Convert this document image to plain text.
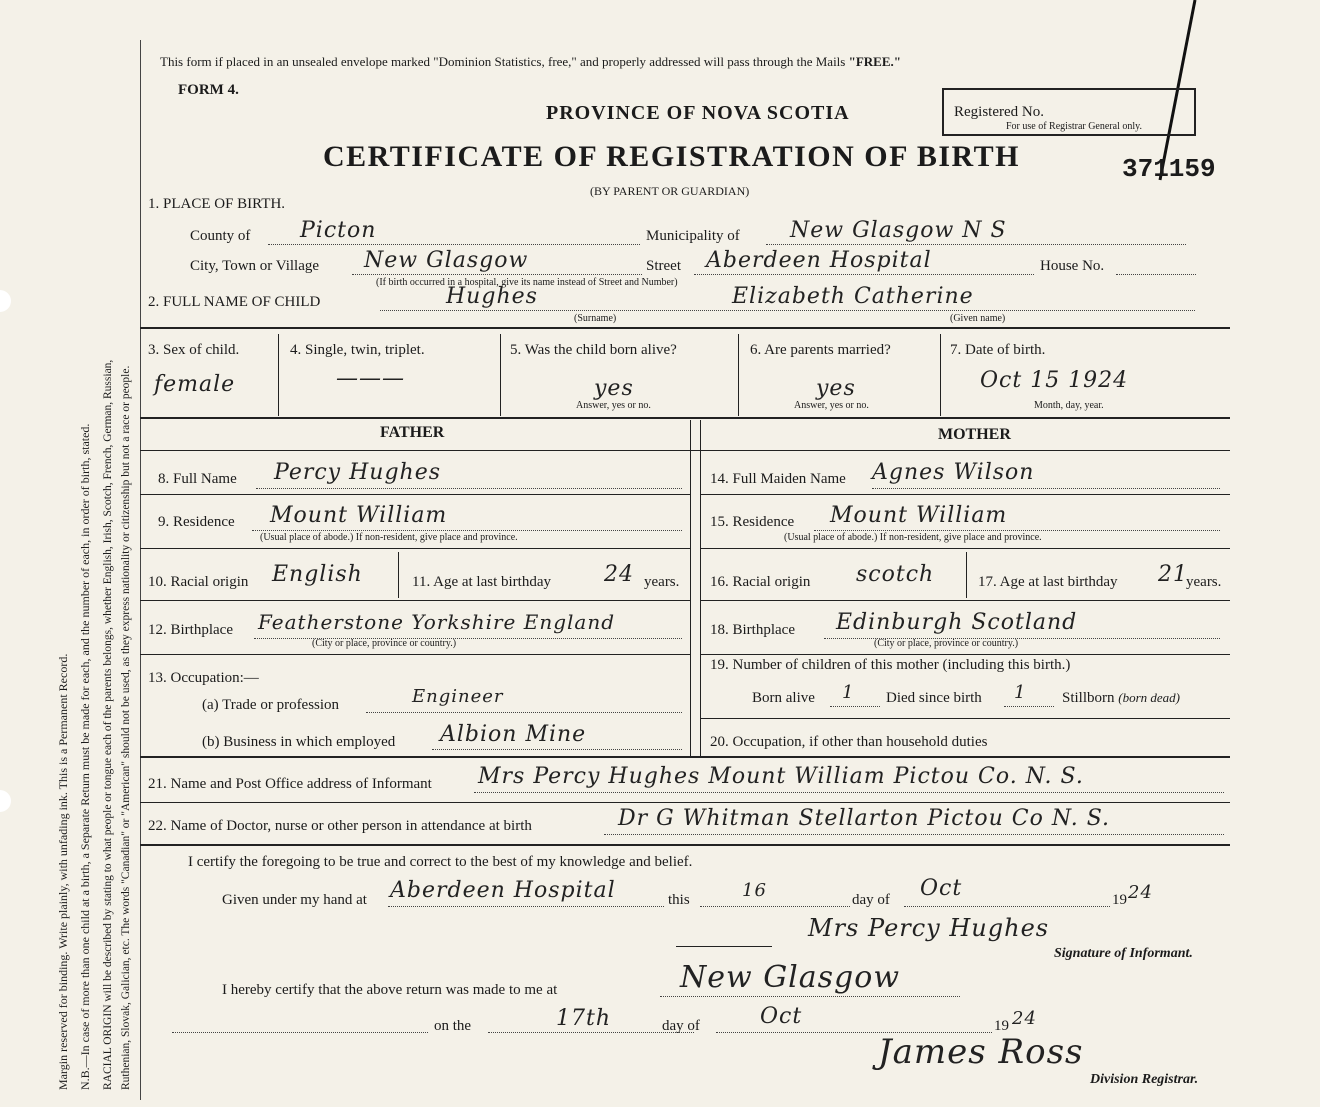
Margin reserved for binding. Write plainly, with unfading ink. This is a Permanent Record. N.B.—In case of more than one child at a birth, a Separate Return must be made for each, and the number of each, in order of birth, stated. RACIAL ORIGIN will be described by stating to what people or tongue each of the parents belongs, whether English, Irish, Scotch, French, German, Russian, Ruthenian, Slovak, Galician, etc. The words "Canadian" or "American" should not be used, as they express nationality or citizenship but not a race or people.
This form if placed in an unsealed envelope marked "Dominion Statistics, free," and properly addressed will pass through the Mails "FREE."
FORM 4.
PROVINCE OF NOVA SCOTIA
CERTIFICATE OF REGISTRATION OF BIRTH
(BY PARENT OR GUARDIAN)
Registered No.
For use of Registrar General only.
371159
1. PLACE OF BIRTH.
County of Picton	Municipality of New Glasgow N S
City, Town or Village New Glasgow	Street Aberdeen Hospital	House No.
(If birth occurred in a hospital, give its name instead of Street and Number)
2. FULL NAME OF CHILD	Hughes	Elizabeth Catherine
(Surname)	(Given name)
3. Sex of child.
female
4. Single, twin, triplet.
———
5. Was the child born alive?
yes
Answer, yes or no.
6. Are parents married?
yes
Answer, yes or no.
7. Date of birth.
Oct 15 1924
Month, day, year.
FATHER	MOTHER
8. Full Name Percy Hughes
9. Residence Mount William
(Usual place of abode.) If non-resident, give place and province.
10. Racial origin English	11. Age at last birthday 24 years.
12. Birthplace Featherstone Yorkshire England
(City or place, province or country.)
13. Occupation:—
(a) Trade or profession	Engineer
(b) Business in which employed Albion Mine
14. Full Maiden Name Agnes Wilson
15. Residence Mount William
(Usual place of abode.) If non-resident, give place and province.
16. Racial origin scotch	17. Age at last birthday 21
years.
18. Birthplace Edinburgh Scotland
(City or place, province or country.)
19. Number of children of this mother (including this birth.)
Born alive 1 Died since birth 1 Stillborn (born dead)
20. Occupation, if other than household duties
21. Name and Post Office address of Informant Mrs Percy Hughes Mount William Pictou Co. N. S.
22. Name of Doctor, nurse or other person in attendance at birth	Dr G Whitman Stellarton Pictou Co N. S.
I certify the foregoing to be true and correct to the best of my knowledge and belief.
Given under my hand at Aberdeen Hospital	this	16	day of Oct	19 24
Mrs Percy Hughes
Signature of Informant.
I hereby certify that the above return was made to me at	New Glasgow
on the	17th	day of	Oct	19 24
James Ross
Division Registrar.
